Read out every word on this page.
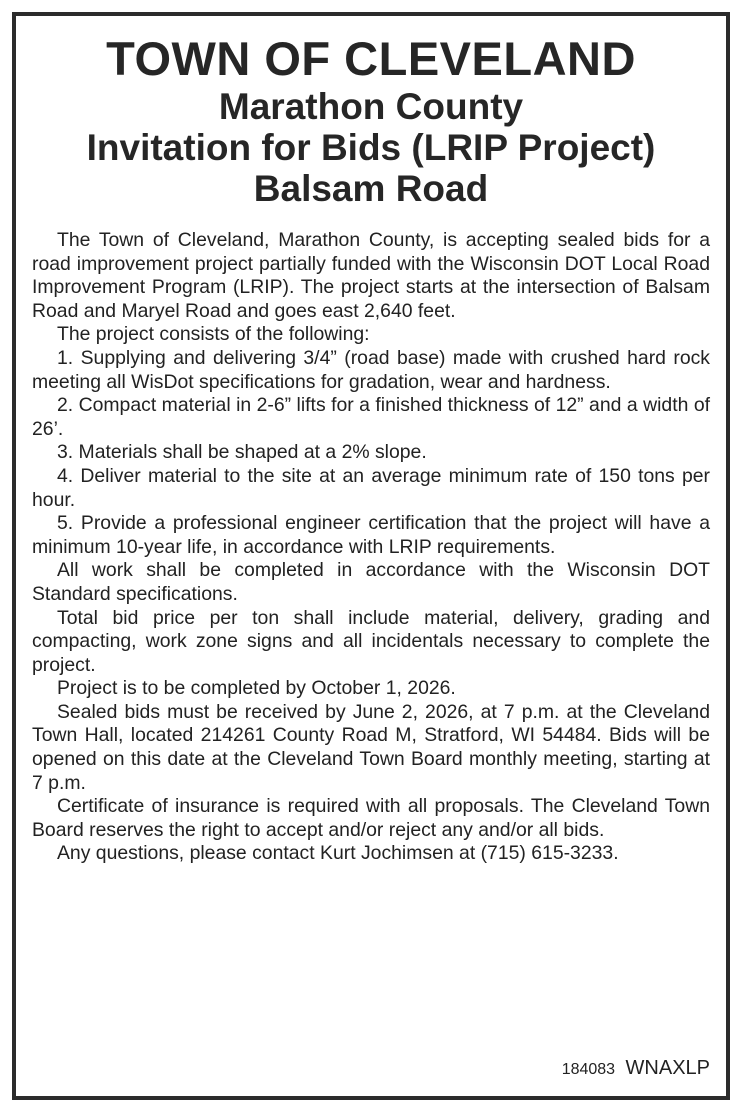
TOWN OF CLEVELAND
Marathon County
Invitation for Bids (LRIP Project)
Balsam Road

The Town of Cleveland, Marathon County, is accepting sealed bids for a road improvement project partially funded with the Wisconsin DOT Local Road Improvement Program (LRIP). The project starts at the intersection of Balsam Road and Maryel Road and goes east 2,640 feet.

The project consists of the following:

1. Supplying and delivering 3/4” (road base) made with crushed hard rock meeting all WisDot specifications for gradation, wear and hardness.

2. Compact material in 2-6” lifts for a finished thickness of 12” and a width of 26’.

3. Materials shall be shaped at a 2% slope.

4. Deliver material to the site at an average minimum rate of 150 tons per hour.

5. Provide a professional engineer certification that the project will have a minimum 10-year life, in accordance with LRIP requirements.

All work shall be completed in accordance with the Wisconsin DOT Standard specifications.

Total bid price per ton shall include material, delivery, grading and compacting, work zone signs and all incidentals necessary to complete the project.

Project is to be completed by October 1, 2026.

Sealed bids must be received by June 2, 2026, at 7 p.m. at the Cleveland Town Hall, located 214261 County Road M, Stratford, WI 54484. Bids will be opened on this date at the Cleveland Town Board monthly meeting, starting at 7 p.m.

Certificate of insurance is required with all proposals. The Cleveland Town Board reserves the right to accept and/or reject any and/or all bids.

Any questions, please contact Kurt Jochimsen at (715) 615-3233.

184083 WNAXLP
